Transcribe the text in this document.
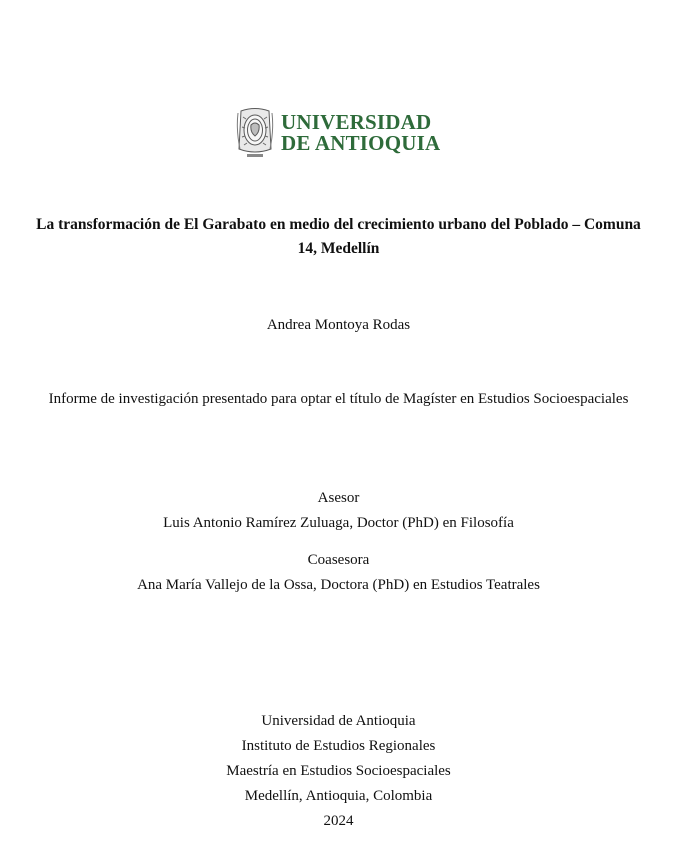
UNIVERSIDAD
DE ANTIOQUIA
La transformación de El Garabato en medio del crecimiento urbano del Poblado – Comuna
14, Medellín
Andrea Montoya Rodas
Informe de investigación presentado para optar el título de Magíster en Estudios Socioespaciales
Asesor
Luis Antonio Ramírez Zuluaga, Doctor (PhD) en Filosofía
Coasesora
Ana María Vallejo de la Ossa, Doctora (PhD) en Estudios Teatrales
Universidad de Antioquia
Instituto de Estudios Regionales
Maestría en Estudios Socioespaciales
Medellín, Antioquia, Colombia
2024
